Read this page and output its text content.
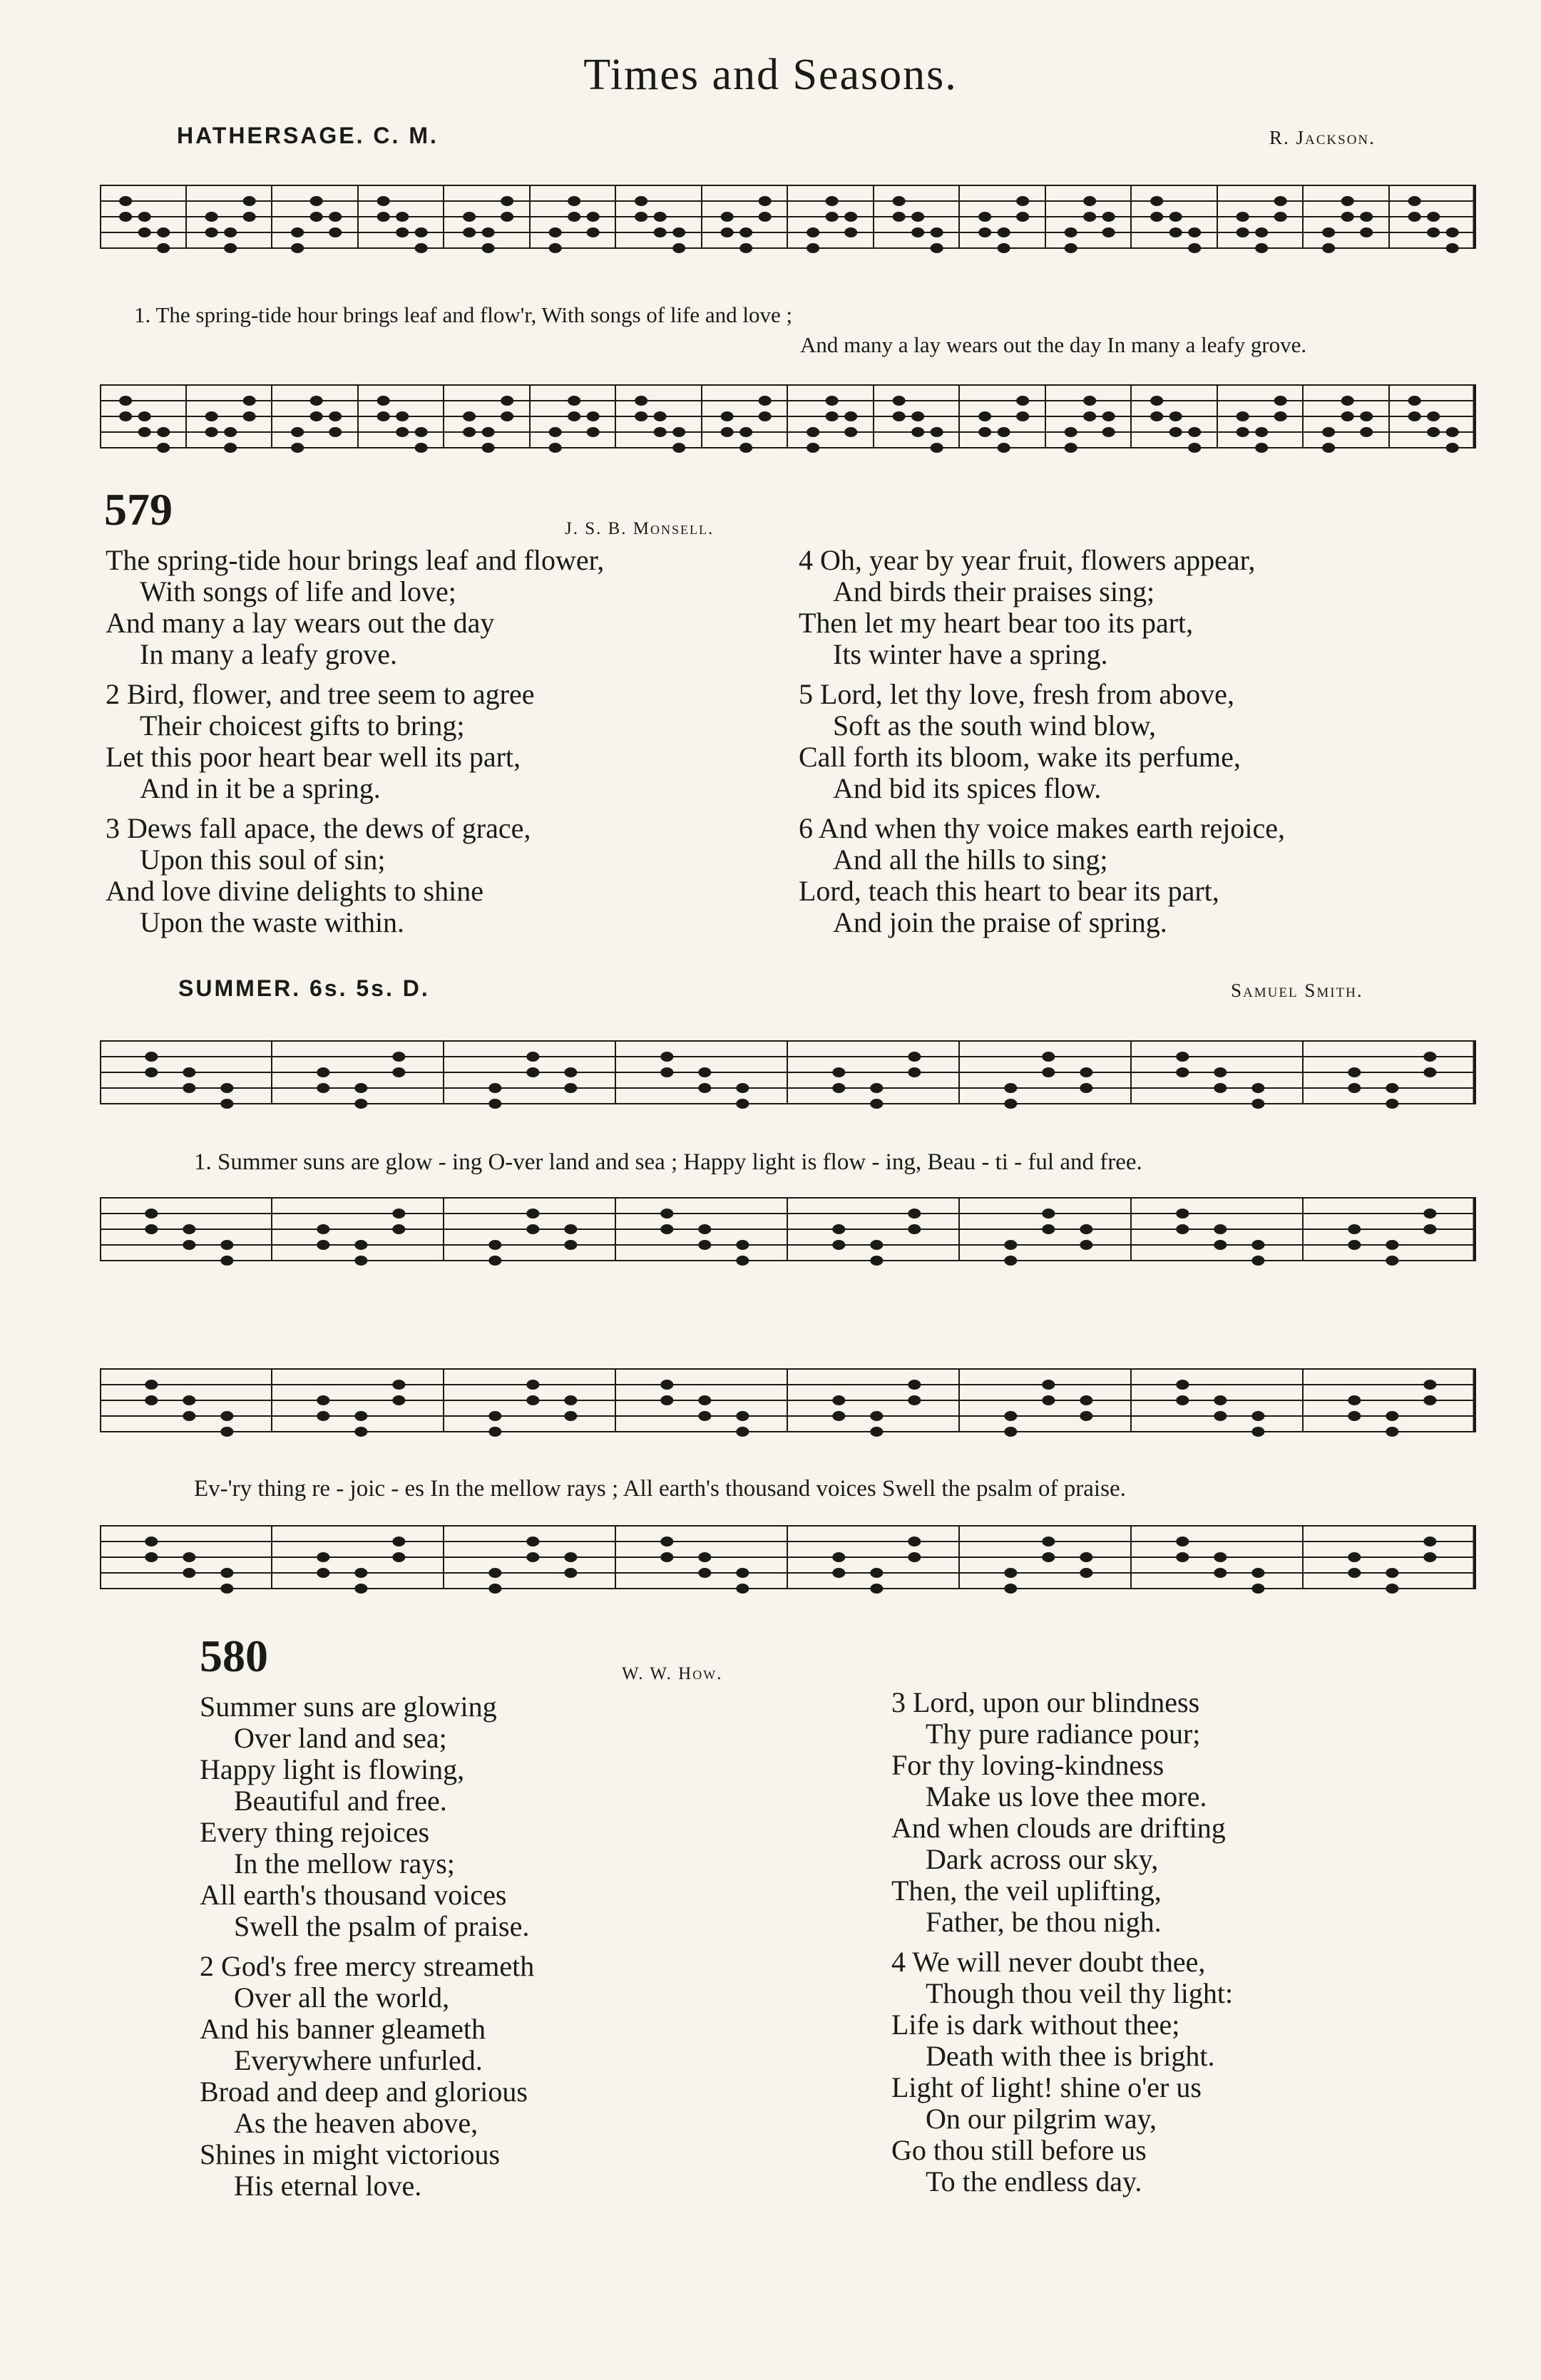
Times and Seasons.
HATHERSAGE. C. M.	R. Jackson.
1. The spring-tide hour brings leaf and flow'r, With songs of life and love ;
And many a lay wears out the day In many a leafy grove.
579	J. S. B. Monsell.
The spring-tide hour brings leaf and flower,
With songs of life and love;
And many a lay wears out the day
In many a leafy grove.
2 Bird, flower, and tree seem to agree
Their choicest gifts to bring;
Let this poor heart bear well its part,
And in it be a spring.
3 Dews fall apace, the dews of grace,
Upon this soul of sin;
And love divine delights to shine
Upon the waste within.
4 Oh, year by year fruit, flowers appear,
And birds their praises sing;
Then let my heart bear too its part,
Its winter have a spring.
5 Lord, let thy love, fresh from above,
Soft as the south wind blow,
Call forth its bloom, wake its perfume,
And bid its spices flow.
6 And when thy voice makes earth rejoice,
And all the hills to sing;
Lord, teach this heart to bear its part,
And join the praise of spring.
SUMMER. 6s. 5s. D.	Samuel Smith.
1. Summer suns are glow - ing O-ver land and sea ; Happy light is flow - ing, Beau - ti - ful and free.
Ev-'ry thing re - joic - es In the mellow rays ; All earth's thousand voices Swell the psalm of praise.
580	W. W. How.
Summer suns are glowing
Over land and sea;
Happy light is flowing,
Beautiful and free.
Every thing rejoices
In the mellow rays;
All earth's thousand voices
Swell the psalm of praise.
2 God's free mercy streameth
Over all the world,
And his banner gleameth
Everywhere unfurled.
Broad and deep and glorious
As the heaven above,
Shines in might victorious
His eternal love.
3 Lord, upon our blindness
Thy pure radiance pour;
For thy loving-kindness
Make us love thee more.
And when clouds are drifting
Dark across our sky,
Then, the veil uplifting,
Father, be thou nigh.
4 We will never doubt thee,
Though thou veil thy light:
Life is dark without thee;
Death with thee is bright.
Light of light! shine o'er us
On our pilgrim way,
Go thou still before us
To the endless day.
